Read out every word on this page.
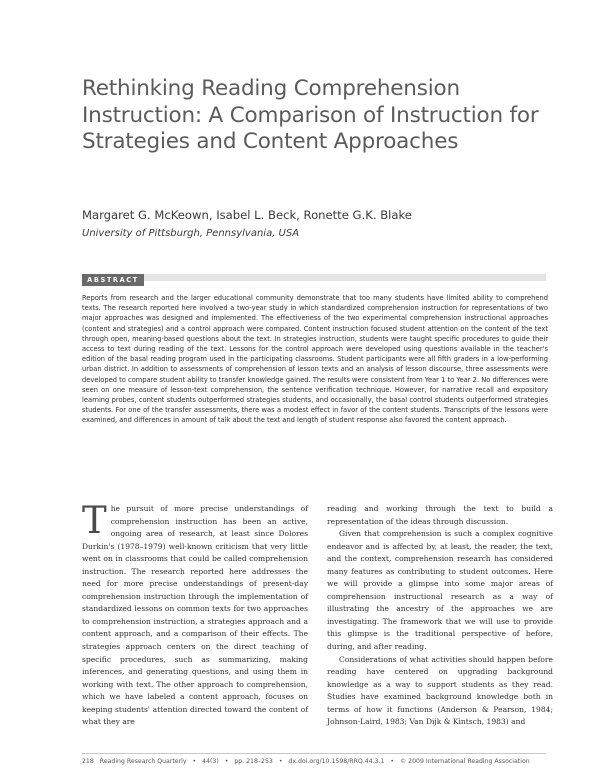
Rethinking Reading Comprehension Instruction: A Comparison of Instruction for Strategies and Content Approaches
Margaret G. McKeown, Isabel L. Beck, Ronette G.K. Blake
University of Pittsburgh, Pennsylvania, USA
ABSTRACT

Reports from research and the larger educational community demonstrate that too many students have limited ability to comprehend texts. The research reported here involved a two-year study in which standardized comprehension instruction for representations of two major approaches was designed and implemented. The effectiveness of the two experimental comprehension instructional approaches (content and strategies) and a control approach were compared. Content instruction focused student attention on the content of the text through open, meaning-based questions about the text. In strategies instruction, students were taught specific procedures to guide their access to text during reading of the text. Lessons for the control approach were developed using questions available in the teacher's edition of the basal reading program used in the participating classrooms. Student participants were all fifth graders in a low-performing urban district. In addition to assessments of comprehension of lesson texts and an analysis of lesson discourse, three assessments were developed to compare student ability to transfer knowledge gained. The results were consistent from Year 1 to Year 2. No differences were seen on one measure of lesson-text comprehension, the sentence verification technique. However, for narrative recall and expository learning probes, content students outperformed strategies students, and occasionally, the basal control students outperformed strategies students. For one of the transfer assessments, there was a modest effect in favor of the content students. Transcripts of the lessons were examined, and differences in amount of talk about the text and length of student response also favored the content approach.

The pursuit of more precise understandings of comprehension instruction has been an active, ongoing area of research, at least since Dolores Durkin's (1978–1979) well-known criticism that very little went on in classrooms that could be called comprehension instruction. The research reported here addresses the need for more precise understandings of present-day comprehension instruction through the implementation of standardized lessons on common texts for two approaches to comprehension instruction, a strategies approach and a content approach, and a comparison of their effects. The strategies approach centers on the direct teaching of specific procedures, such as summarizing, making inferences, and generating questions, and using them in working with text. The other approach to comprehension, which we have labeled a content approach, focuses on keeping students' attention directed toward the content of what they are

reading and working through the text to build a representation of the ideas through discussion.

Given that comprehension is such a complex cognitive endeavor and is affected by, at least, the reader, the text, and the context, comprehension research has considered many features as contributing to student outcomes. Here we will provide a glimpse into some major areas of comprehension instructional research as a way of illustrating the ancestry of the approaches we are investigating. The framework that we will use to provide this glimpse is the traditional perspective of before, during, and after reading.

Considerations of what activities should happen before reading have centered on upgrading background knowledge as a way to support students as they read. Studies have examined background knowledge both in terms of how it functions (Anderson & Pearson, 1984; Johnson-Laird, 1983; Van Dijk & Kintsch, 1983) and

218 Reading Research Quarterly • 44(3) • pp. 218–253 • dx.doi.org/10.1598/RRQ.44.3.1 • © 2009 International Reading Association
